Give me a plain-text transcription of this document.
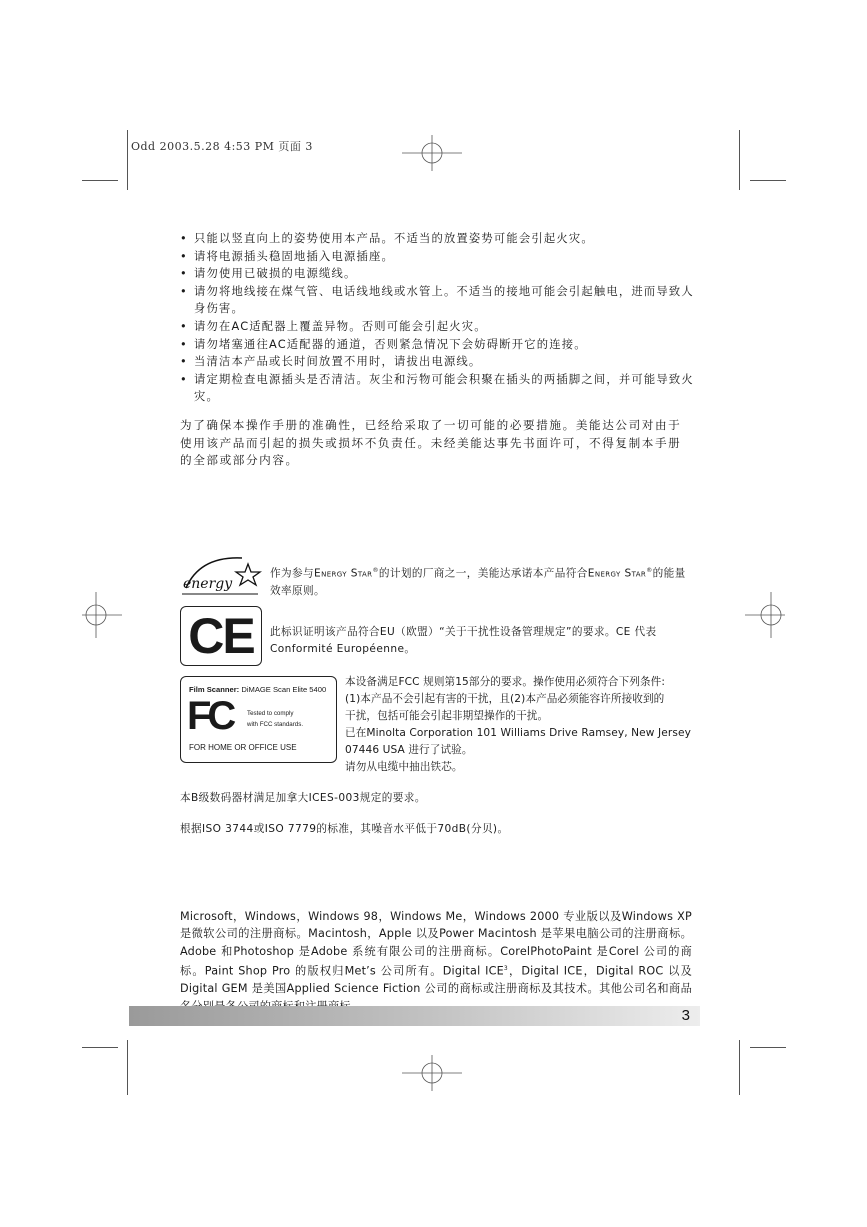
Odd 2003.5.28 4:53 PM 页面 3
• 只能以竖直向上的姿势使用本产品。不适当的放置姿势可能会引起火灾。
• 请将电源插头稳固地插入电源插座。
• 请勿使用已破损的电源缆线。
• 请勿将地线接在煤气管、电话线地线或水管上。不适当的接地可能会引起触电，进而导致人身伤害。
• 请勿在AC适配器上覆盖异物。否则可能会引起火灾。
• 请勿堵塞通往AC适配器的通道，否则紧急情况下会妨碍断开它的连接。
• 当清洁本产品或长时间放置不用时，请拔出电源线。
• 请定期检查电源插头是否清洁。灰尘和污物可能会积聚在插头的两插脚之间，并可能导致火灾。
为了确保本操作手册的准确性，已经给采取了一切可能的必要措施。美能达公司对由于使用该产品而引起的损失或损坏不负责任。未经美能达事先书面许可，不得复制本手册的全部或部分内容。
energy
作为参与Energy Star®的计划的厂商之一，美能达承诺本产品符合Energy Star®的能量效率原则。
CE 此标识证明该产品符合EU（欧盟）“关于干扰性设备管理规定”的要求。CE 代表 Conformité Européenne。
Film Scanner: DiMAGE Scan Elite 5400
FC Tested to comply
with FCC standards.
FOR HOME OR OFFICE USE
本设备满足FCC 规则第15部分的要求。操作使用必须符合下列条件:
(1)本产品不会引起有害的干扰，且(2)本产品必须能容许所接收到的
干扰，包括可能会引起非期望操作的干扰。
已在Minolta Corporation 101 Williams Drive Ramsey, New Jersey
07446 USA 进行了试验。
请勿从电缆中抽出铁芯。
本B级数码器材满足加拿大ICES-003规定的要求。
根据ISO 3744或ISO 7779的标准，其噪音水平低于70dB(分贝)。
Microsoft，Windows，Windows 98，Windows Me，Windows 2000 专业版以及Windows XP 是微软公司的注册商标。Macintosh，Apple 以及Power Macintosh 是苹果电脑公司的注册商标。Adobe 和Photoshop 是Adobe 系统有限公司的注册商标。CorelPhotoPaint 是Corel 公司的商标。Paint Shop Pro 的版权归Met’s 公司所有。Digital ICE$^3$，Digital ICE，Digital ROC 以及Digital GEM 是美国Applied Science Fiction 公司的商标或注册商标及其技术。其他公司名和商品
3
